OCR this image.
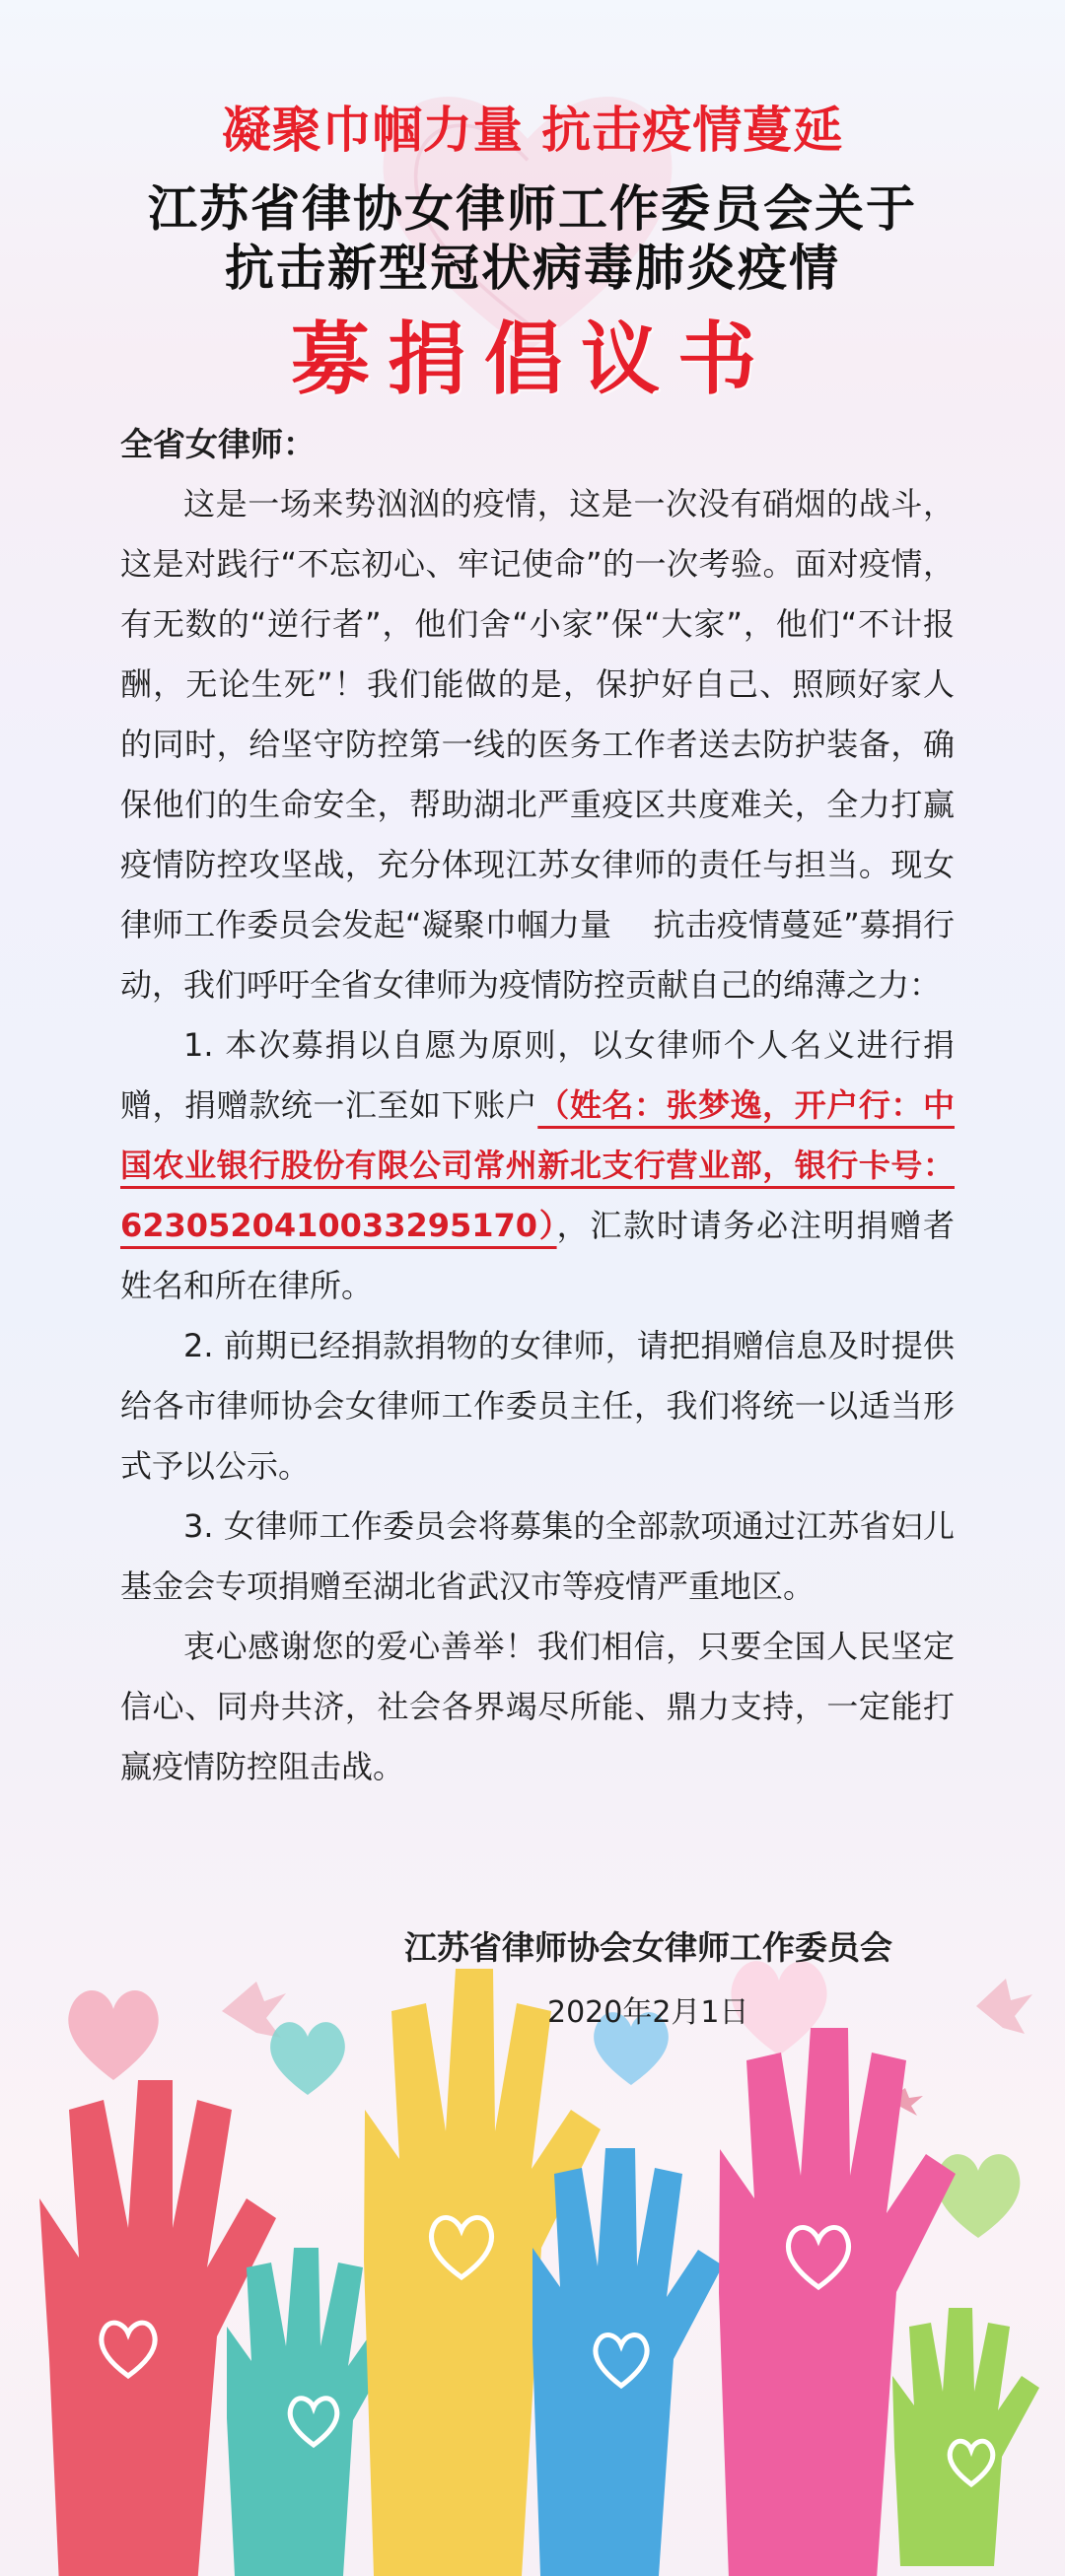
凝聚巾帼力量 抗击疫情蔓延
江苏省律协女律师工作委员会关于
抗击新型冠状病毒肺炎疫情
募捐倡议书

全省女律师：

这是一场来势汹汹的疫情，这是一次没有硝烟的战斗，这是对践行“不忘初心、牢记使命”的一次考验。面对疫情，有无数的“逆行者”，他们舍“小家”保“大家”，他们“不计报酬，无论生死”！我们能做的是，保护好自己、照顾好家人的同时，给坚守防控第一线的医务工作者送去防护装备，确保他们的生命安全，帮助湖北严重疫区共度难关，全力打赢疫情防控攻坚战，充分体现江苏女律师的责任与担当。现女律师工作委员会发起“凝聚巾帼力量　 抗击疫情蔓延”募捐行动，我们呼吁全省女律师为疫情防控贡献自己的绵薄之力：

1. 本次募捐以自愿为原则，以女律师个人名义进行捐赠，捐赠款统一汇至如下账户（姓名：张梦逸，开户行：中国农业银行股份有限公司常州新北支行营业部，银行卡号：6230520410033295170），汇款时请务必注明捐赠者姓名和所在律所。

2. 前期已经捐款捐物的女律师，请把捐赠信息及时提供给各市律师协会女律师工作委员主任，我们将统一以适当形式予以公示。

3. 女律师工作委员会将募集的全部款项通过江苏省妇儿基金会专项捐赠至湖北省武汉市等疫情严重地区。

衷心感谢您的爱心善举！我们相信，只要全国人民坚定信心、同舟共济，社会各界竭尽所能、鼎力支持，一定能打赢疫情防控阻击战。

江苏省律师协会女律师工作委员会
2020年2月1日
